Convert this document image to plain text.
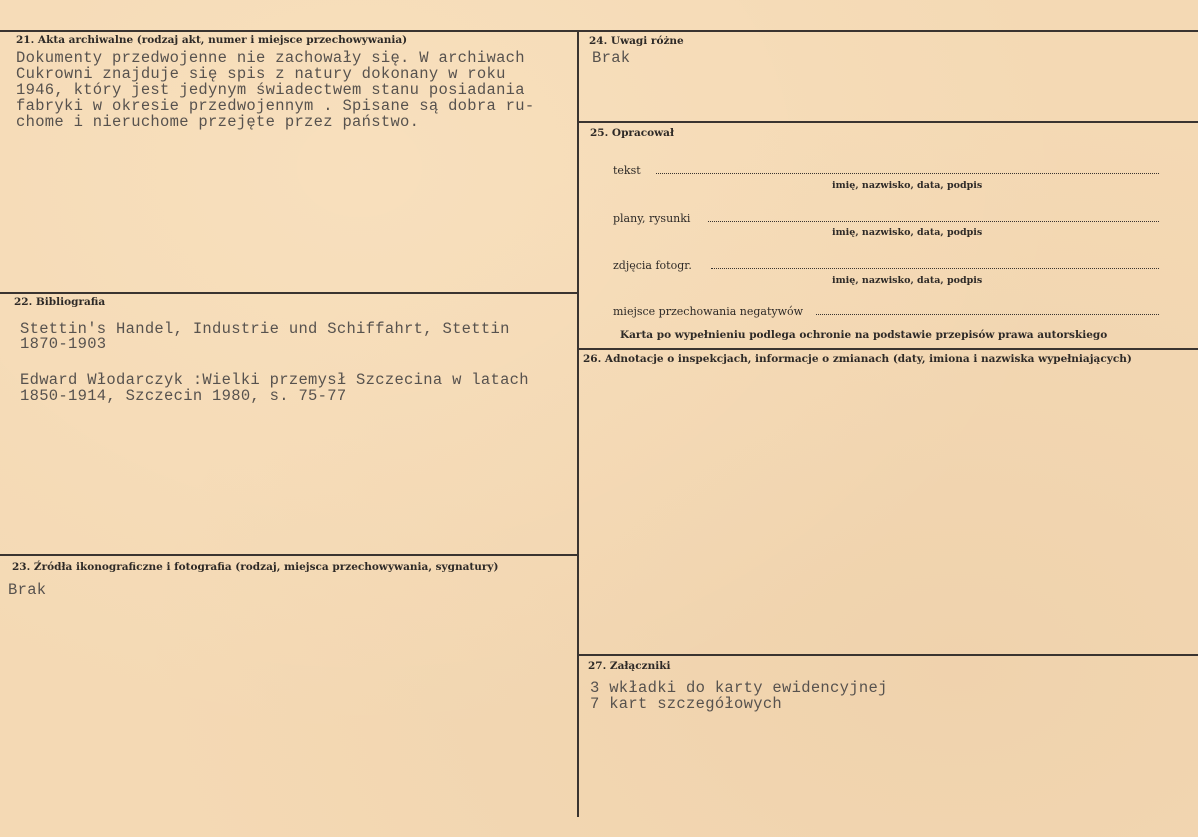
21. Akta archiwalne (rodzaj akt, numer i miejsce przechowywania)
Dokumenty przedwojenne nie zachowały się. W archiwach
Cukrowni znajduje się spis z natury dokonany w roku
1946, który jest jedynym świadectwem stanu posiadania
fabryki w okresie przedwojennym . Spisane są dobra ru-
chome i nieruchome przejęte przez państwo.
22. Bibliografia
Stettin's Handel, Industrie und Schiffahrt, Stettin
1870-1903
Edward Włodarczyk :Wielki przemysł Szczecina w latach
1850-1914, Szczecin 1980, s. 75-77
23. Źródła ikonograficzne i fotografia (rodzaj, miejsca przechowywania, sygnatury)
Brak
24. Uwagi różne
Brak
25. Opracował
tekst
imię, nazwisko, data, podpis
plany, rysunki
imię, nazwisko, data, podpis
zdjęcia fotogr.
imię, nazwisko, data, podpis
miejsce przechowania negatywów
Karta po wypełnieniu podlega ochronie na podstawie przepisów prawa autorskiego
26. Adnotacje o inspekcjach, informacje o zmianach (daty, imiona i nazwiska wypełniających)
27. Załączniki
3 wkładki do karty ewidencyjnej
7 kart szczegółowych
